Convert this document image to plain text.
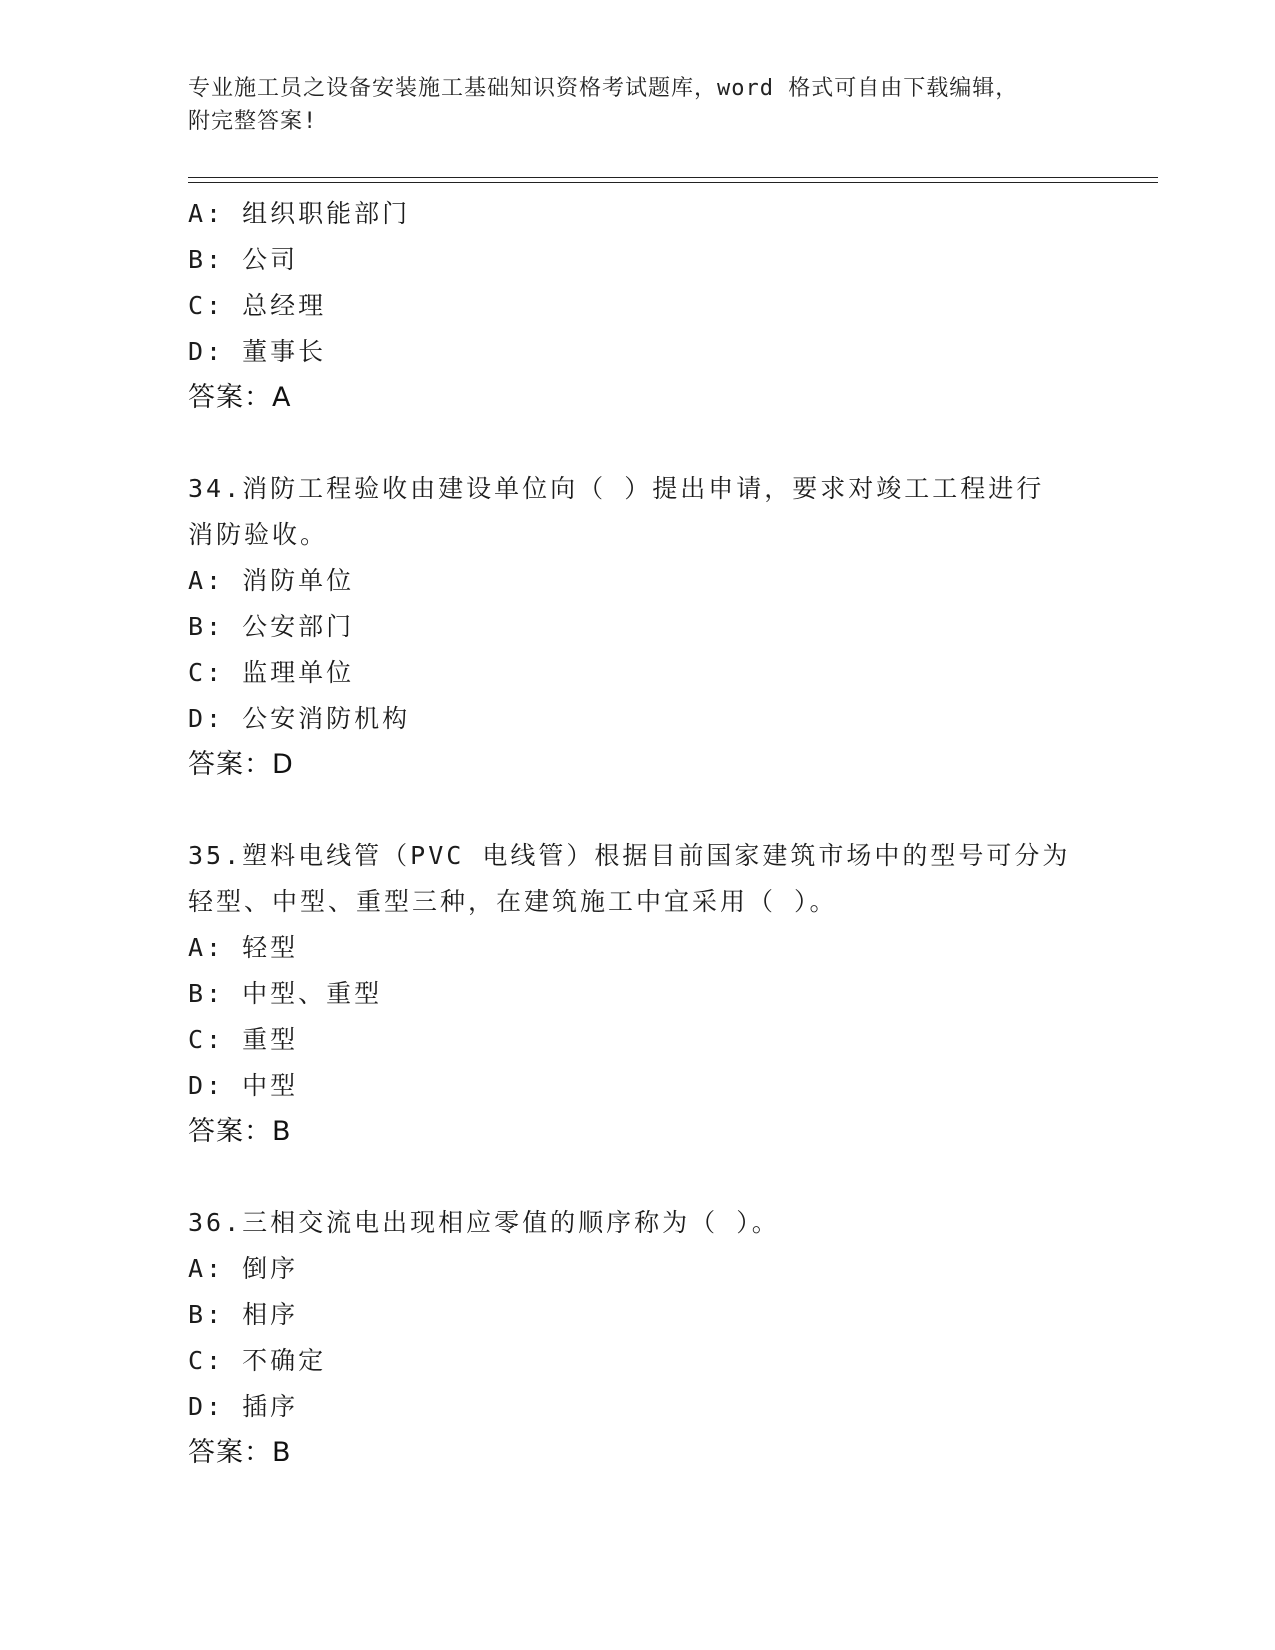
专业施工员之设备安装施工基础知识资格考试题库，word 格式可自由下载编辑，
附完整答案!
A: 组织职能部门
B: 公司
C: 总经理
D: 董事长
答案：A
34.消防工程验收由建设单位向（ ）提出申请，要求对竣工工程进行
消防验收。
A: 消防单位
B: 公安部门
C: 监理单位
D: 公安消防机构
答案：D
35.塑料电线管（PVC 电线管）根据目前国家建筑市场中的型号可分为
轻型、中型、重型三种，在建筑施工中宜采用（ ）。
A: 轻型
B: 中型、重型
C: 重型
D: 中型
答案：B
36.三相交流电出现相应零值的顺序称为（ ）。
A: 倒序
B: 相序
C: 不确定
D: 插序
答案：B
